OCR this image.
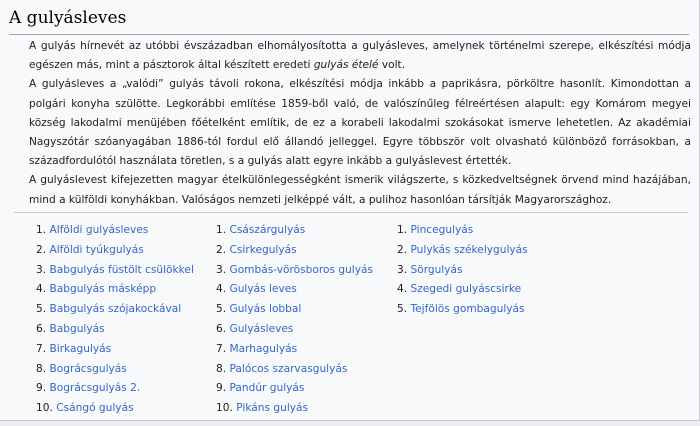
A gulyásleves

A gulyás hírnevét az utóbbi évszázadban elhomályosította a gulyásleves, amelynek történelmi szerepe, elkészítési módja egészen más, mint a pásztorok által készített eredeti gulyás ételé volt.

A gulyásleves a „valódi” gulyás távoli rokona, elkészítési módja inkább a paprikásra, pörköltre hasonlít. Kimondottan a polgári konyha szülötte. Legkorábbi említése 1859-ből való, de valószínűleg félreértésen alapult: egy Komárom megyei község lakodalmi menüjében főételként említik, de ez a korabeli lakodalmi szokásokat ismerve lehetetlen. Az akadémiai Nagyszótár szóanyagában 1886-tól fordul elő állandó jelleggel. Egyre többször volt olvasható különböző forrásokban, a századfordulótól használata töretlen, s a gulyás alatt egyre inkább a gulyáslevest értették.

A gulyáslevest kifejezetten magyar ételkülönlegességként ismerik világszerte, s közkedveltségnek örvend mind hazájában, mind a külföldi konyhákban. Valóságos nemzeti jelképpé vált, a pulihoz hasonlóan társítják Magyarországhoz.

1. Alföldi gulyásleves
2. Alföldi tyúkgulyás
3. Babgulyás füstölt csülökkel
4. Babgulyás másképp
5. Babgulyás szójakockával
6. Babgulyás
7. Birkagulyás
8. Bográcsgulyás
9. Bográcsgulyás 2.
10. Csángó gulyás
1. Császárgulyás
2. Csirkegulyás
3. Gombás-vörösboros gulyás
4. Gulyás leves
5. Gulyás lobbal
6. Gulyásleves
7. Marhagulyás
8. Palócos szarvasgulyás
9. Pandúr gulyás
10. Pikáns gulyás
1. Pincegulyás
2. Pulykás székelygulyás
3. Sörgulyás
4. Szegedi gulyáscsirke
5. Tejfölös gombagulyás
